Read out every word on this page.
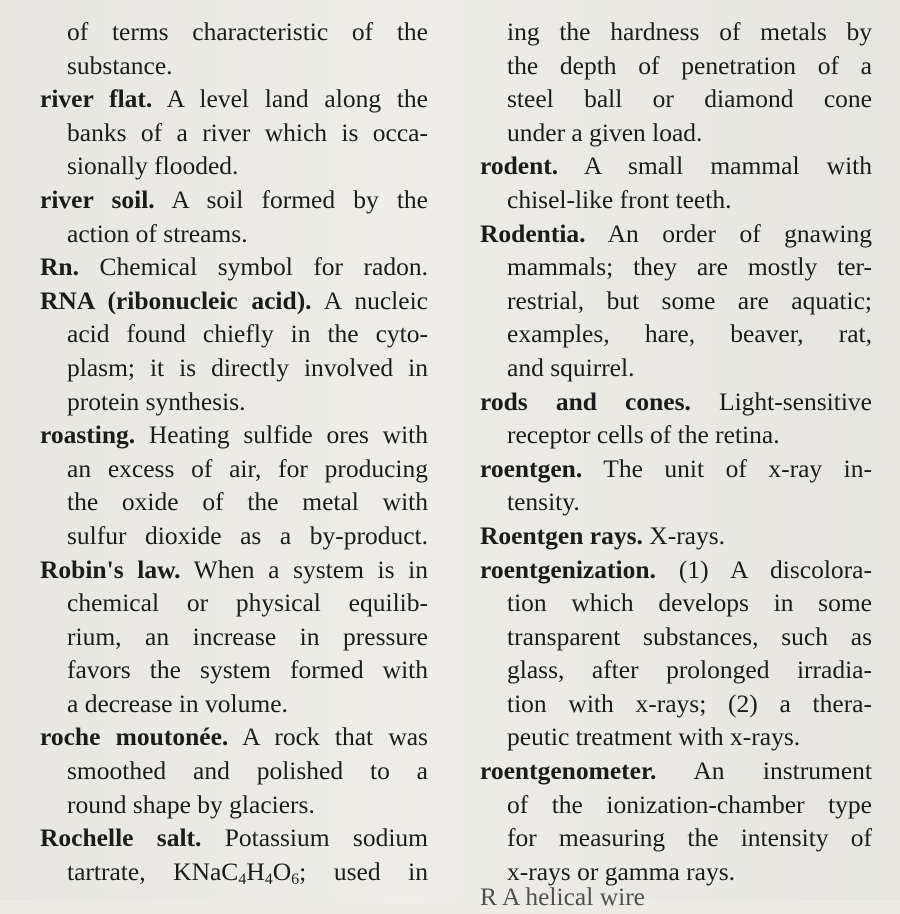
of terms characteristic of the
substance.
river flat. A level land along the
banks of a river which is occa-
sionally flooded.
river soil. A soil formed by the
action of streams.
Rn. Chemical symbol for radon.
RNA (ribonucleic acid). A nucleic
acid found chiefly in the cyto-
plasm; it is directly involved in
protein synthesis.
roasting. Heating sulfide ores with
an excess of air, for producing
the oxide of the metal with
sulfur dioxide as a by-product.
Robin's law. When a system is in
chemical or physical equilib-
rium, an increase in pressure
favors the system formed with
a decrease in volume.
roche moutonée. A rock that was
smoothed and polished to a
round shape by glaciers.
Rochelle salt. Potassium sodium
tartrate, $KNaC_4H_4O_6$; used in
ing the hardness of metals by
the depth of penetration of a
steel ball or diamond cone
under a given load.
rodent. A small mammal with
chisel-like front teeth.
Rodentia. An order of gnawing
mammals; they are mostly ter-
restrial, but some are aquatic;
examples, hare, beaver, rat,
and squirrel.
rods and cones. Light-sensitive
receptor cells of the retina.
roentgen. The unit of x-ray in-
tensity.
Roentgen rays. X-rays.
roentgenization. (1) A discolora-
tion which develops in some
transparent substances, such as
glass, after prolonged irradia-
tion with x-rays; (2) a thera-
peutic treatment with x-rays.
roentgenometer. An instrument
of the ionization-chamber type
for measuring the intensity of
x-rays or gamma rays.
R A helical wire
